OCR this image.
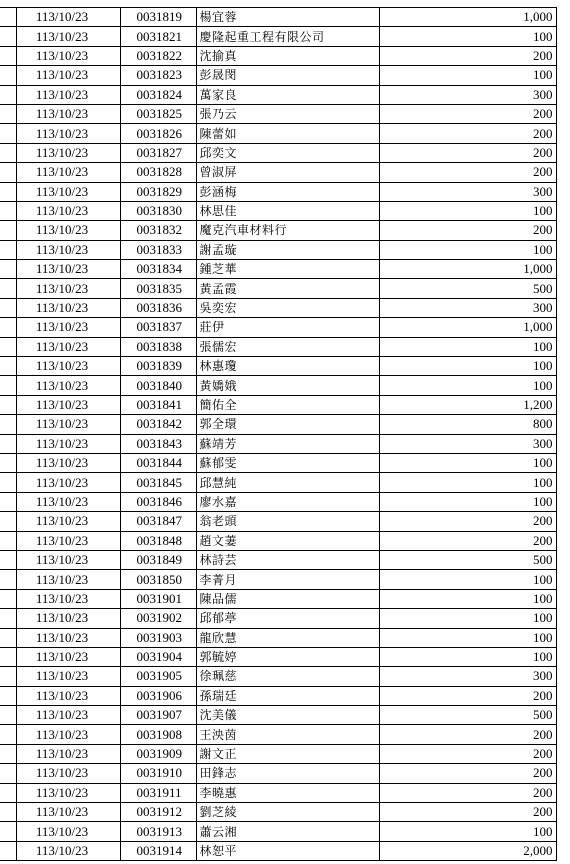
	113/10/23	0031819	楊宜蓉	1,000
	113/10/23	0031821	慶隆起重工程有限公司	100
	113/10/23	0031822	沈揄真	200
	113/10/23	0031823	彭晟閔	100
	113/10/23	0031824	萬家良	300
	113/10/23	0031825	張乃云	200
	113/10/23	0031826	陳蕾如	200
	113/10/23	0031827	邱奕文	200
	113/10/23	0031828	曾淑屏	200
	113/10/23	0031829	彭涵梅	300
	113/10/23	0031830	林思佳	100
	113/10/23	0031832	魔克汽車材料行	200
	113/10/23	0031833	謝孟璇	100
	113/10/23	0031834	鍾芝華	1,000
	113/10/23	0031835	黃孟霞	500
	113/10/23	0031836	吳奕宏	300
	113/10/23	0031837	莊伊	1,000
	113/10/23	0031838	張儒宏	100
	113/10/23	0031839	林惠瓊	100
	113/10/23	0031840	黃嬌娥	100
	113/10/23	0031841	簡佑全	1,200
	113/10/23	0031842	郭全環	800
	113/10/23	0031843	蘇靖芳	300
	113/10/23	0031844	蘇郁雯	100
	113/10/23	0031845	邱慧純	100
	113/10/23	0031846	廖水嘉	100
	113/10/23	0031847	翁老頭	200
	113/10/23	0031848	趙文萋	200
	113/10/23	0031849	林詩芸	500
	113/10/23	0031850	李菁月	100
	113/10/23	0031901	陳品儒	100
	113/10/23	0031902	邱郁葶	100
	113/10/23	0031903	龍欣慧	100
	113/10/23	0031904	郭毓婷	100
	113/10/23	0031905	徐珮慈	300
	113/10/23	0031906	孫瑞廷	200
	113/10/23	0031907	沈美儀	500
	113/10/23	0031908	王泱茵	200
	113/10/23	0031909	謝文正	200
	113/10/23	0031910	田鋒志	200
	113/10/23	0031911	李曉惠	200
	113/10/23	0031912	劉芝綾	200
	113/10/23	0031913	蕭云湘	100
	113/10/23	0031914	林恕平	2,000
